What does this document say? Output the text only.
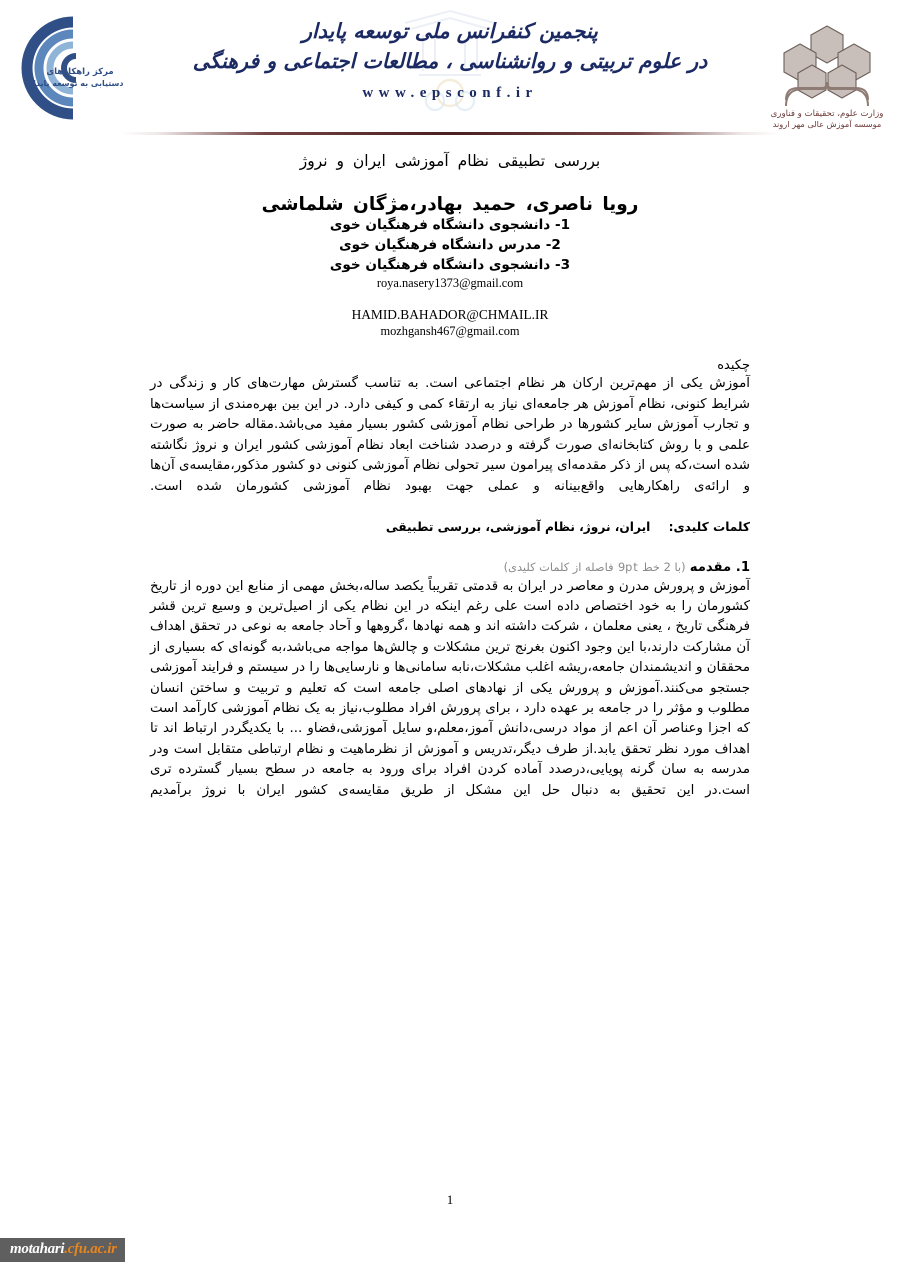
مرکز راهکارهای
دستیابی به توسعه پایدار
وزارت علوم، تحقیقات و فناوری
موسسه آموزش عالی مهر اروند
پنجمین کنفرانس ملی توسعه پایدار
در علوم تربیتی و روانشناسی ، مطالعات اجتماعی و فرهنگی
www.epsconf.ir
بررسی تطبیقی نظام آموزشی ایران و نروژ
رویا ناصری، حمید بهادر،مژگان شلماشی
1- دانشجوی دانشگاه فرهنگیان خوی
2- مدرس دانشگاه فرهنگیان خوی
3- دانشجوی دانشگاه فرهنگیان خوی
roya.nasery1373@gmail.com
HAMID.BAHADOR@CHMAIL.IR
mozhgansh467@gmail.com
چکیده

آموزش یکی از مهم‌ترین ارکان هر نظام اجتماعی است. به تناسب گسترش مهارت‌های کار و زندگی در شرایط کنونی، نظام آموزش هر جامعه‌ای نیاز به ارتقاء کمی و کیفی دارد. در این بین بهره‌مندی از سیاست‌ها و تجارب آموزش سایر کشورها در طراحی نظام آموزشی کشور بسیار مفید می‌باشد.مقاله حاضر به صورت علمی و با روش کتابخانه‌ای صورت گرفته و درصدد شناخت ابعاد نظام آموزشی کشور ایران و نروژ نگاشته شده است،که پس از ذکر مقدمه‌ای پیرامون سیر تحولی نظام آموزشی کنونی دو کشور مذکور،مقایسه‌ی آن‌ها و ارائه‌ی راهکارهایی واقع‌بینانه و عملی جهت بهبود نظام آموزشی کشورمان شده است.

کلمات کلیدی: ایران، نروژ، نظام آموزشی، بررسی تطبیقی
1. مقدمه (با 2 خط 9pt فاصله از کلمات کلیدی)

آموزش و پرورش مدرن و معاصر در ایران به قدمتی تقریباً یکصد ساله،بخش مهمی از منابع این دوره از تاریخ کشورمان را به خود اختصاص داده است علی رغم اینکه در این نظام یکی از اصیل‌ترین و وسیع ترین قشر فرهنگی تاریخ ، یعنی معلمان ، شرکت داشته اند و همه نهادها ،گروهها و آحاد جامعه به نوعی در تحقق اهداف آن مشارکت دارند،با این وجود اکنون بغرنج ترین مشکلات و چالش‌ها مواجه می‌باشد،به گونه‌ای که بسیاری از محققان و اندیشمندان جامعه،ریشه اغلب مشکلات،نابه سامانی‌ها و نارسایی‌ها را در سیستم و فرایند آموزشی جستجو می‌کنند.آموزش و پرورش یکی از نهادهای اصلی جامعه است که تعلیم و تربیت و ساختن انسان مطلوب و مؤثر را در جامعه بر عهده دارد ، برای پرورش افراد مطلوب،نیاز به یک نظام آموزشی کارآمد است که اجزا وعناصر آن اعم از مواد درسی،دانش آموز،معلم،و سایل آموزشی،فضاو ... با یکدیگردر ارتباط اند تا اهداف مورد نظر تحقق یابد.از طرف دیگر،تدریس و آموزش از نظرماهیت و نظام ارتباطی متقابل است ودر مدرسه به سان گرنه پویایی،درصدد آماده کردن افراد برای ورود به جامعه در سطح بسیار گسترده تری است.در این تحقیق به دنبال حل این مشکل از طریق مقایسه‌ی کشور ایران با نروژ برآمدیم

1
motahari.cfu.ac.ir
